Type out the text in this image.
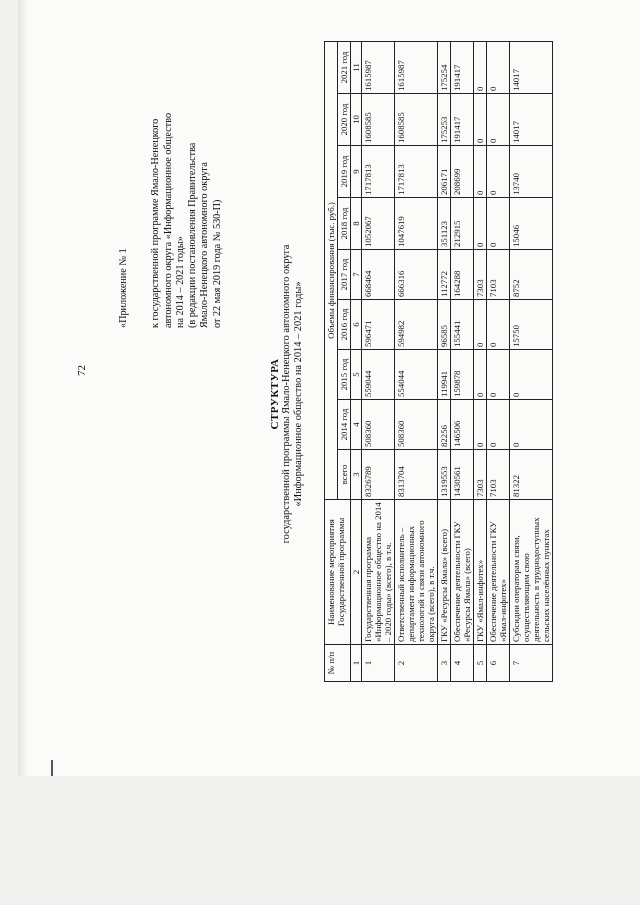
72
«Приложение № 1 к государственной программе Ямало-Ненецкого автономного округа «Информационное общество на 2014 – 2021 годы» (в редакции постановления Правительства Ямало-Ненецкого автономного округа от 22 мая 2019 года № 530-П)
СТРУКТУРА государственной программы Ямало-Ненецкого автономного округа «Информационное общество на 2014 – 2021 годы»
№ п/п	Наименование мероприятия Государственной программы	Объемы финансирования (тыс. руб.)								
		всего	2014 год	2015 год	2016 год	2017 год	2018 год	2019 год	2020 год	2021 год
1	2	3	4	5	6	7	8	9	10	11
1	Государственная программа «Информационное общество на 2014 – 2020 годы» (всего), в т.ч.	8326789	508360	559044	596471	668464	1052067	1717813	1608585	1615987
2	Ответственный исполнитель – департамент информационных технологий и связи автономного округа (всего), в т.ч.	8313704	508360	554044	594982	666316	1047619	1717813	1608585	1615987
3	ГКУ «Ресурсы Ямала» (всего)	1319553	82256	119941	96585	112772	351123	206171	175253	175254
4	Обеспечение деятельности ГКУ «Ресурсы Ямала» (всего)	1430561	146506	159878	155441	164288	212915	208699	191417	191417
5	ГКУ «Ямал-инфотех»	7303	0	0	0	7303	0	0	0	0
6	Обеспечение деятельности ГКУ «Ямал-инфотех»	7103	0	0	0	7103	0	0	0	0
7	Субсидии операторам связи, осуществляющим свою деятельность в труднодоступных сельских населённых пунктах	81322	0	0	15750	8752	15046	13740	14017	14017
